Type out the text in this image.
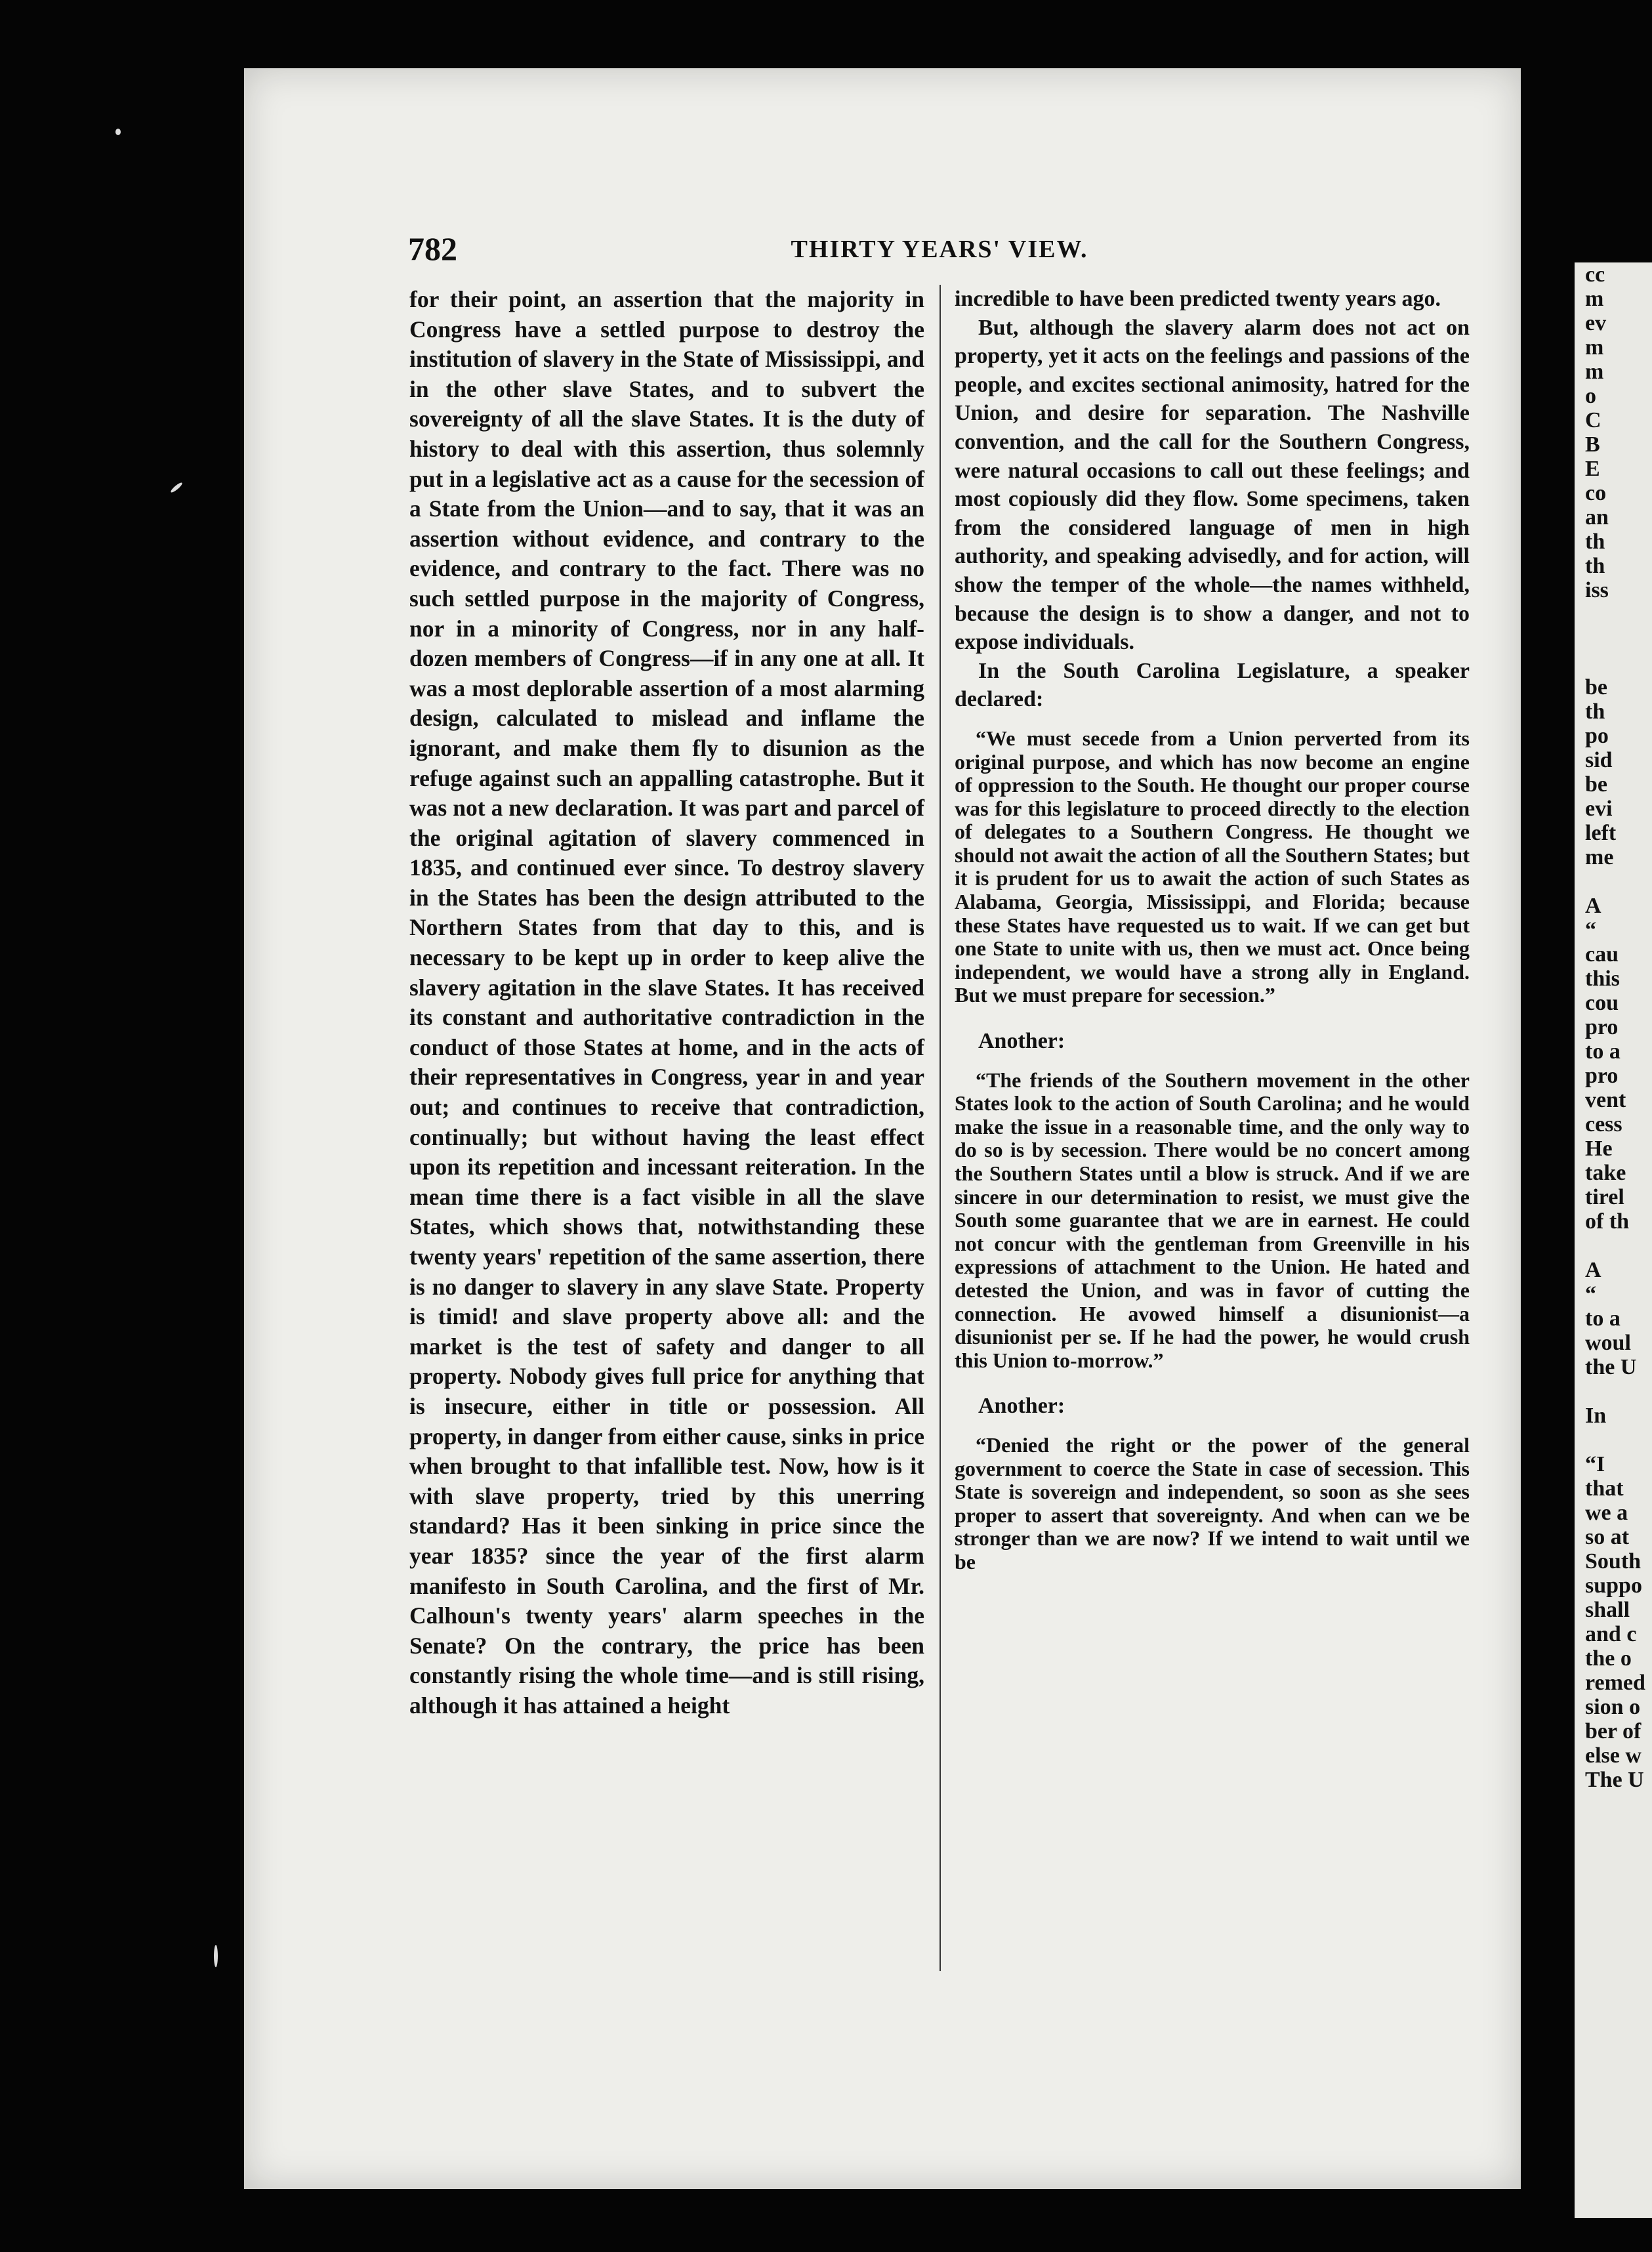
782	THIRTY YEARS' VIEW.

for their point, an assertion that the majority in Congress have a settled purpose to destroy the institution of slavery in the State of Mississippi, and in the other slave States, and to subvert the sovereignty of all the slave States. It is the duty of history to deal with this assertion, thus solemnly put in a legislative act as a cause for the secession of a State from the Union—and to say, that it was an assertion without evidence, and contrary to the evidence, and contrary to the fact. There was no such settled purpose in the majority of Congress, nor in a minority of Congress, nor in any half-dozen members of Congress—if in any one at all. It was a most deplorable assertion of a most alarming design, calculated to mislead and inflame the ignorant, and make them fly to disunion as the refuge against such an appalling catastrophe. But it was not a new declaration. It was part and parcel of the original agitation of slavery commenced in 1835, and continued ever since. To destroy slavery in the States has been the design attributed to the Northern States from that day to this, and is necessary to be kept up in order to keep alive the slavery agitation in the slave States. It has received its constant and authoritative contradiction in the conduct of those States at home, and in the acts of their representatives in Congress, year in and year out; and continues to receive that contradiction, continually; but without having the least effect upon its repetition and incessant reiteration. In the mean time there is a fact visible in all the slave States, which shows that, notwithstanding these twenty years' repetition of the same assertion, there is no danger to slavery in any slave State. Property is timid! and slave property above all: and the market is the test of safety and danger to all property. Nobody gives full price for anything that is insecure, either in title or possession. All property, in danger from either cause, sinks in price when brought to that infallible test. Now, how is it with slave property, tried by this unerring standard? Has it been sinking in price since the year 1835? since the year of the first alarm manifesto in South Carolina, and the first of Mr. Calhoun's twenty years' alarm speeches in the Senate? On the contrary, the price has been constantly rising the whole time—and is still rising, although it has attained a height

incredible to have been predicted twenty years ago.

But, although the slavery alarm does not act on property, yet it acts on the feelings and passions of the people, and excites sectional animosity, hatred for the Union, and desire for separation. The Nashville convention, and the call for the Southern Congress, were natural occasions to call out these feelings; and most copiously did they flow. Some specimens, taken from the considered language of men in high authority, and speaking advisedly, and for action, will show the temper of the whole—the names withheld, because the design is to show a danger, and not to expose individuals.

In the South Carolina Legislature, a speaker declared:

“We must secede from a Union perverted from its original purpose, and which has now become an engine of oppression to the South. He thought our proper course was for this legislature to proceed directly to the election of delegates to a Southern Congress. He thought we should not await the action of all the Southern States; but it is prudent for us to await the action of such States as Alabama, Georgia, Mississippi, and Florida; because these States have requested us to wait. If we can get but one State to unite with us, then we must act. Once being independent, we would have a strong ally in England. But we must prepare for secession.”

Another:

“The friends of the Southern movement in the other States look to the action of South Carolina; and he would make the issue in a reasonable time, and the only way to do so is by secession. There would be no concert among the Southern States until a blow is struck. And if we are sincere in our determination to resist, we must give the South some guarantee that we are in earnest. He could not concur with the gentleman from Greenville in his expressions of attachment to the Union. He hated and detested the Union, and was in favor of cutting the connection. He avowed himself a disunionist—a disunionist per se. If he had the power, he would crush this Union to-morrow.”

Another:

“Denied the right or the power of the general government to coerce the State in case of secession. This State is sovereign and independent, so soon as she sees proper to assert that sovereignty. And when can we be stronger than we are now? If we intend to wait until we be

cc
m
ev
m
m
o
C
B
E
co
an
th
th
iss

be
th
po
sid
be
evi
left
me

A
“
cau
this
cou
pro
to a
pro
vent
cess
He
take
tirel
of th

A
“
to a
woul
the U

In

“I
that
we a
so at
South
suppo
shall
and c
the o
remed
sion o
ber of
else w
The U
